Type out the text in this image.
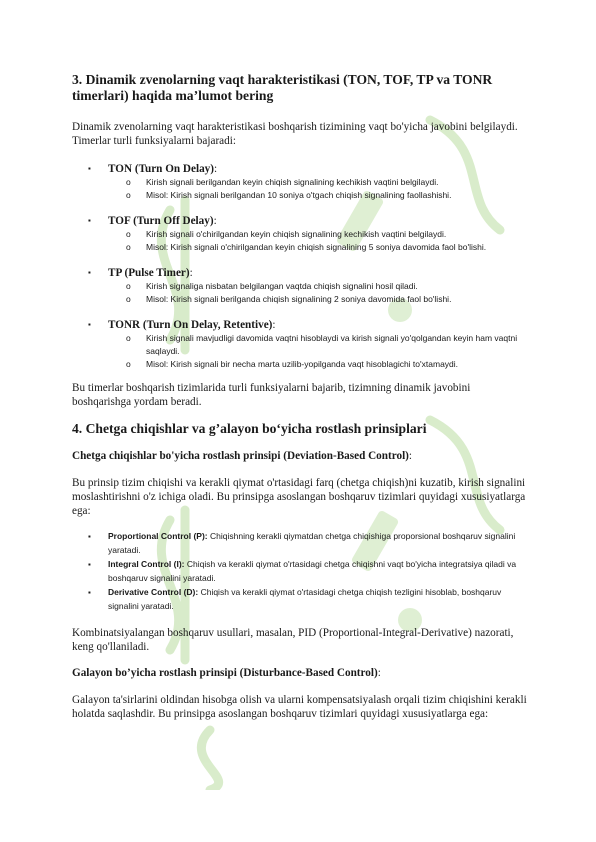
3. Dinamik zvenolarning vaqt harakteristikasi (TON, TOF, TP va TONR timerlari) haqida ma’lumot bering

Dinamik zvenolarning vaqt harakteristikasi boshqarish tizimining vaqt bo'yicha javobini belgilaydi. Timerlar turli funksiyalarni bajaradi:

▪ TON (Turn On Delay):
o Kirish signali berilgandan keyin chiqish signalining kechikish vaqtini belgilaydi.
o Misol: Kirish signali berilgandan 10 soniya o'tgach chiqish signalining faollashishi.
▪ TOF (Turn Off Delay):
o Kirish signali o'chirilgandan keyin chiqish signalining kechikish vaqtini belgilaydi.
o Misol: Kirish signali o'chirilgandan keyin chiqish signalining 5 soniya davomida faol bo'lishi.
▪ TP (Pulse Timer):
o Kirish signaliga nisbatan belgilangan vaqtda chiqish signalini hosil qiladi.
o Misol: Kirish signali berilganda chiqish signalining 2 soniya davomida faol bo'lishi.
▪ TONR (Turn On Delay, Retentive):
o Kirish signali mavjudligi davomida vaqtni hisoblaydi va kirish signali yo'qolgandan keyin ham vaqtni saqlaydi.
o Misol: Kirish signali bir necha marta uzilib-yopilganda vaqt hisoblagichi to'xtamaydi.

Bu timerlar boshqarish tizimlarida turli funksiyalarni bajarib, tizimning dinamik javobini boshqarishga yordam beradi.

4. Chetga chiqishlar va g’alayon bo‘yicha rostlash prinsiplari

Chetga chiqishlar bo'yicha rostlash prinsipi (Deviation-Based Control):

Bu prinsip tizim chiqishi va kerakli qiymat o'rtasidagi farq (chetga chiqish)ni kuzatib, kirish signalini moslashtirishni o'z ichiga oladi. Bu prinsipga asoslangan boshqaruv tizimlari quyidagi xususiyatlarga ega:

▪ Proportional Control (P): Chiqishning kerakli qiymatdan chetga chiqishiga proporsional boshqaruv signalini yaratadi.
▪ Integral Control (I): Chiqish va kerakli qiymat o'rtasidagi chetga chiqishni vaqt bo'yicha integratsiya qiladi va boshqaruv signalini yaratadi.
▪ Derivative Control (D): Chiqish va kerakli qiymat o'rtasidagi chetga chiqish tezligini hisoblab, boshqaruv signalini yaratadi.

Kombinatsiyalangan boshqaruv usullari, masalan, PID (Proportional-Integral-Derivative) nazorati, keng qo'llaniladi.

Galayon bo’yicha rostlash prinsipi (Disturbance-Based Control):

Galayon ta'sirlarini oldindan hisobga olish va ularni kompensatsiyalash orqali tizim chiqishini kerakli holatda saqlashdir. Bu prinsipga asoslangan boshqaruv tizimlari quyidagi xususiyatlarga ega:
